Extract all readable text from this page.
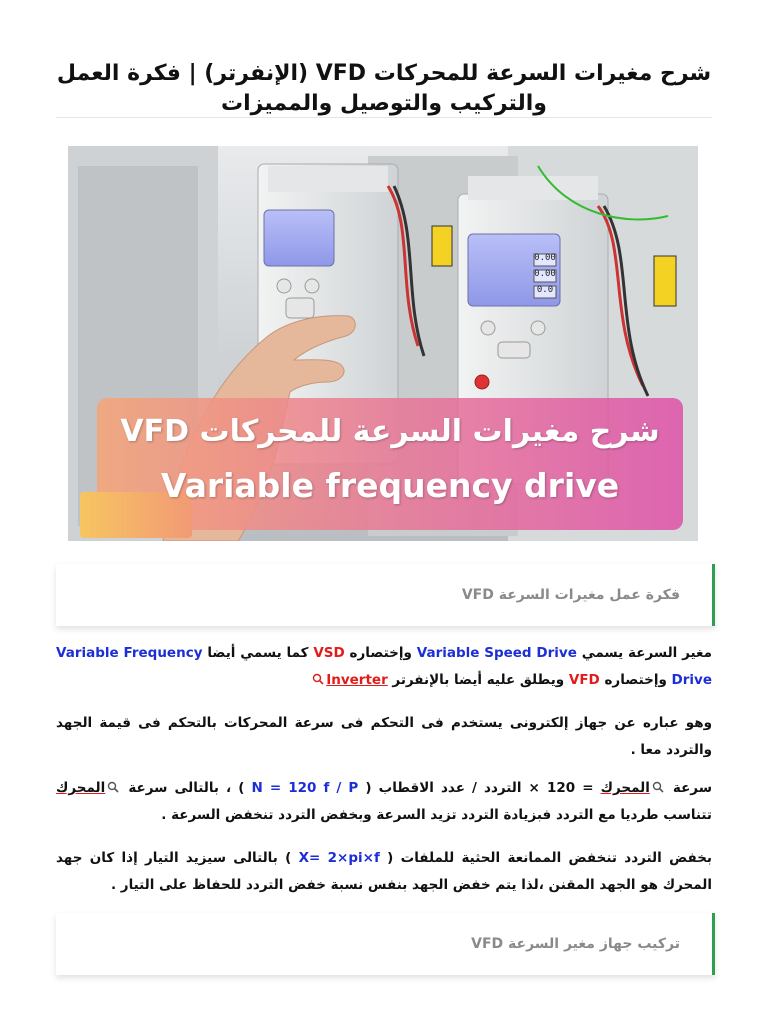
شرح مغيرات السرعة للمحركات VFD (الإنفرتر) | فكرة العمل والتركيب والتوصيل والمميزات
0.00
0.00
0.0
شرح مغيرات السرعة للمحركات VFD
Variable frequency drive
فكرة عمل مغيرات السرعة VFD

مغير السرعة يسمي Variable Speed Drive وإختصاره VSD كما يسمي أيضا Variable Frequency Drive وإختصاره VFD ويطلق عليه أيضا بالإنفرتر Inverter

وهو عباره عن جهاز إلكترونى يستخدم فى التحكم فى سرعة المحركات بالتحكم فى قيمة الجهد والتردد معا .

سرعة المحرك = 120 × التردد / عدد الاقطاب ( N = 120 f / P ) ، بالتالى سرعة المحرك تتناسب طرديا مع التردد فبزيادة التردد تزيد السرعة وبخفض التردد تنخفض السرعة .

بخفض التردد تنخفض الممانعة الحثية للملفات ( X= 2×pi×f ) بالتالى سيزيد التيار إذا كان جهد المحرك هو الجهد المقنن ،لذا يتم خفض الجهد بنفس نسبة خفض التردد للحفاظ على التيار .

تركيب جهاز مغير السرعة VFD
